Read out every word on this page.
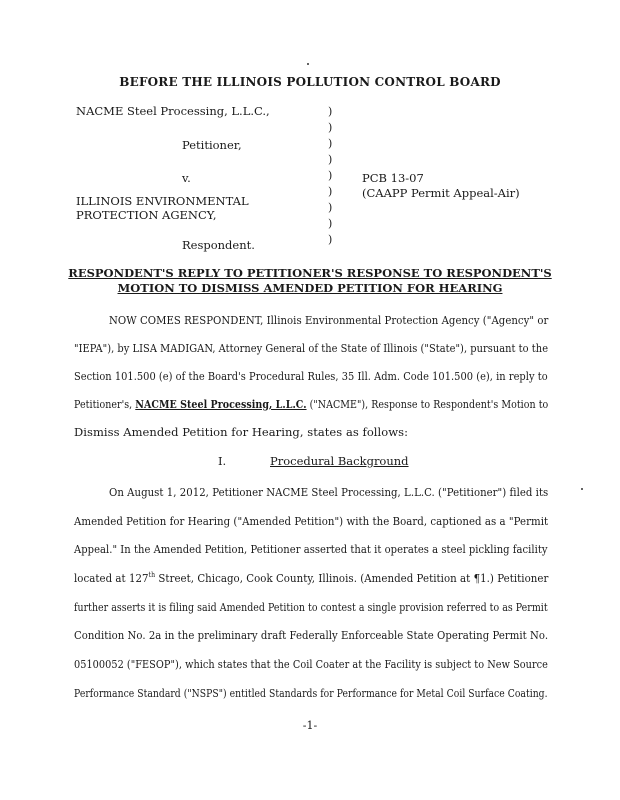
BEFORE THE ILLINOIS POLLUTION CONTROL BOARD
NACME Steel Processing, L.L.C.,
Petitioner,
v.	PCB 13-07
(CAAPP Permit Appeal-Air)
ILLINOIS ENVIRONMENTAL
PROTECTION AGENCY,
Respondent.
)
)
)
)
)
)
)
)
)
RESPONDENT'S REPLY TO PETITIONER'S RESPONSE TO RESPONDENT'S
MOTION TO DISMISS AMENDED PETITION FOR HEARING
NOW COMES RESPONDENT, Illinois Environmental Protection Agency ("Agency" or
"IEPA"), by LISA MADIGAN, Attorney General of the State of Illinois ("State"), pursuant to the
Section 101.500 (e) of the Board's Procedural Rules, 35 Ill. Adm. Code 101.500 (e), in reply to
Petitioner's, NACME Steel Processing, L.L.C. ("NACME"), Response to Respondent's Motion to
Dismiss Amended Petition for Hearing, states as follows:
I.	Procedural Background
On August 1, 2012, Petitioner NACME Steel Processing, L.L.C. ("Petitioner") filed its
Amended Petition for Hearing ("Amended Petition") with the Board, captioned as a "Permit
Appeal." In the Amended Petition, Petitioner asserted that it operates a steel pickling facility
located at 127th Street, Chicago, Cook County, Illinois. (Amended Petition at ¶1.) Petitioner
further asserts it is filing said Amended Petition to contest a single provision referred to as Permit
Condition No. 2a in the preliminary draft Federally Enforceable State Operating Permit No.
05100052 ("FESOP"), which states that the Coil Coater at the Facility is subject to New Source
Performance Standard ("NSPS") entitled Standards for Performance for Metal Coil Surface Coating.
-1-
